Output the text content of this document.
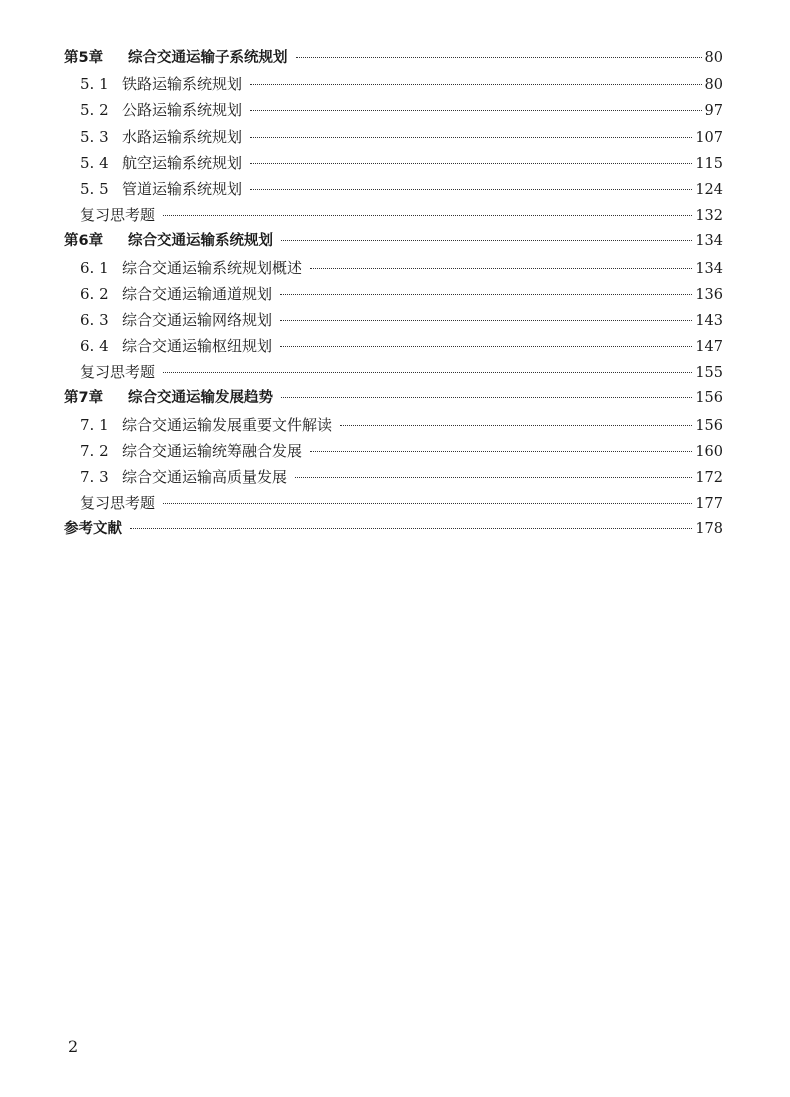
第5章	综合交通运输子系统规划	80
5. 1 铁路运输系统规划	80
5. 2 公路运输系统规划	97
5. 3 水路运输系统规划	107
5. 4 航空运输系统规划	115
5. 5 管道运输系统规划	124
复习思考题	132
第6章	综合交通运输系统规划	134
6. 1 综合交通运输系统规划概述	134
6. 2 综合交通运输通道规划	136
6. 3 综合交通运输网络规划	143
6. 4 综合交通运输枢纽规划	147
复习思考题	155
第7章	综合交通运输发展趋势	156
7. 1 综合交通运输发展重要文件解读	156
7. 2 综合交通运输统筹融合发展	160
7. 3 综合交通运输高质量发展	172
复习思考题	177
参考文献	178
2
